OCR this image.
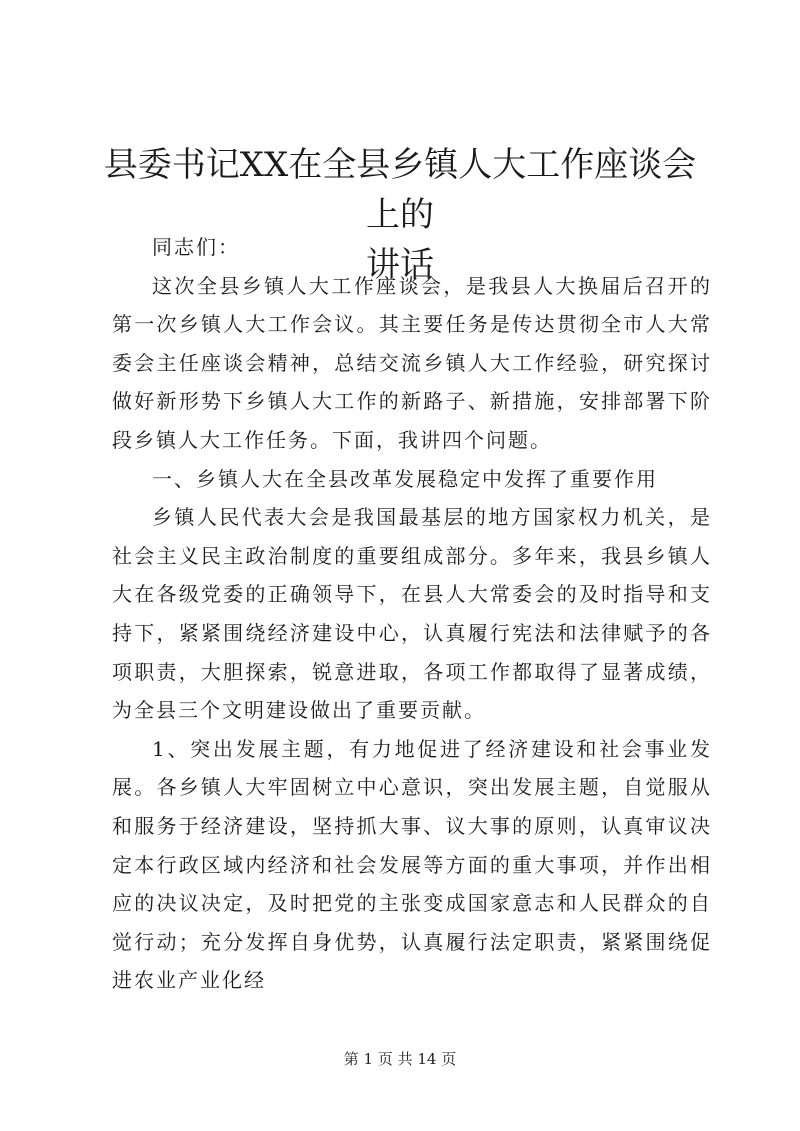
县委书记XX在全县乡镇人大工作座谈会上的
讲话

同志们：

这次全县乡镇人大工作座谈会，是我县人大换届后召开的第一次乡镇人大工作会议。其主要任务是传达贯彻全市人大常委会主任座谈会精神，总结交流乡镇人大工作经验，研究探讨做好新形势下乡镇人大工作的新路子、新措施，安排部署下阶段乡镇人大工作任务。下面，我讲四个问题。

一、乡镇人大在全县改革发展稳定中发挥了重要作用

乡镇人民代表大会是我国最基层的地方国家权力机关，是社会主义民主政治制度的重要组成部分。多年来，我县乡镇人大在各级党委的正确领导下，在县人大常委会的及时指导和支持下，紧紧围绕经济建设中心，认真履行宪法和法律赋予的各项职责，大胆探索，锐意进取，各项工作都取得了显著成绩，为全县三个文明建设做出了重要贡献。

1、突出发展主题，有力地促进了经济建设和社会事业发展。各乡镇人大牢固树立中心意识，突出发展主题，自觉服从和服务于经济建设，坚持抓大事、议大事的原则，认真审议决定本行政区域内经济和社会发展等方面的重大事项，并作出相应的决议决定，及时把党的主张变成国家意志和人民群众的自觉行动；充分发挥自身优势，认真履行法定职责，紧紧围绕促进农业产业化经

第 1 页 共 14 页
